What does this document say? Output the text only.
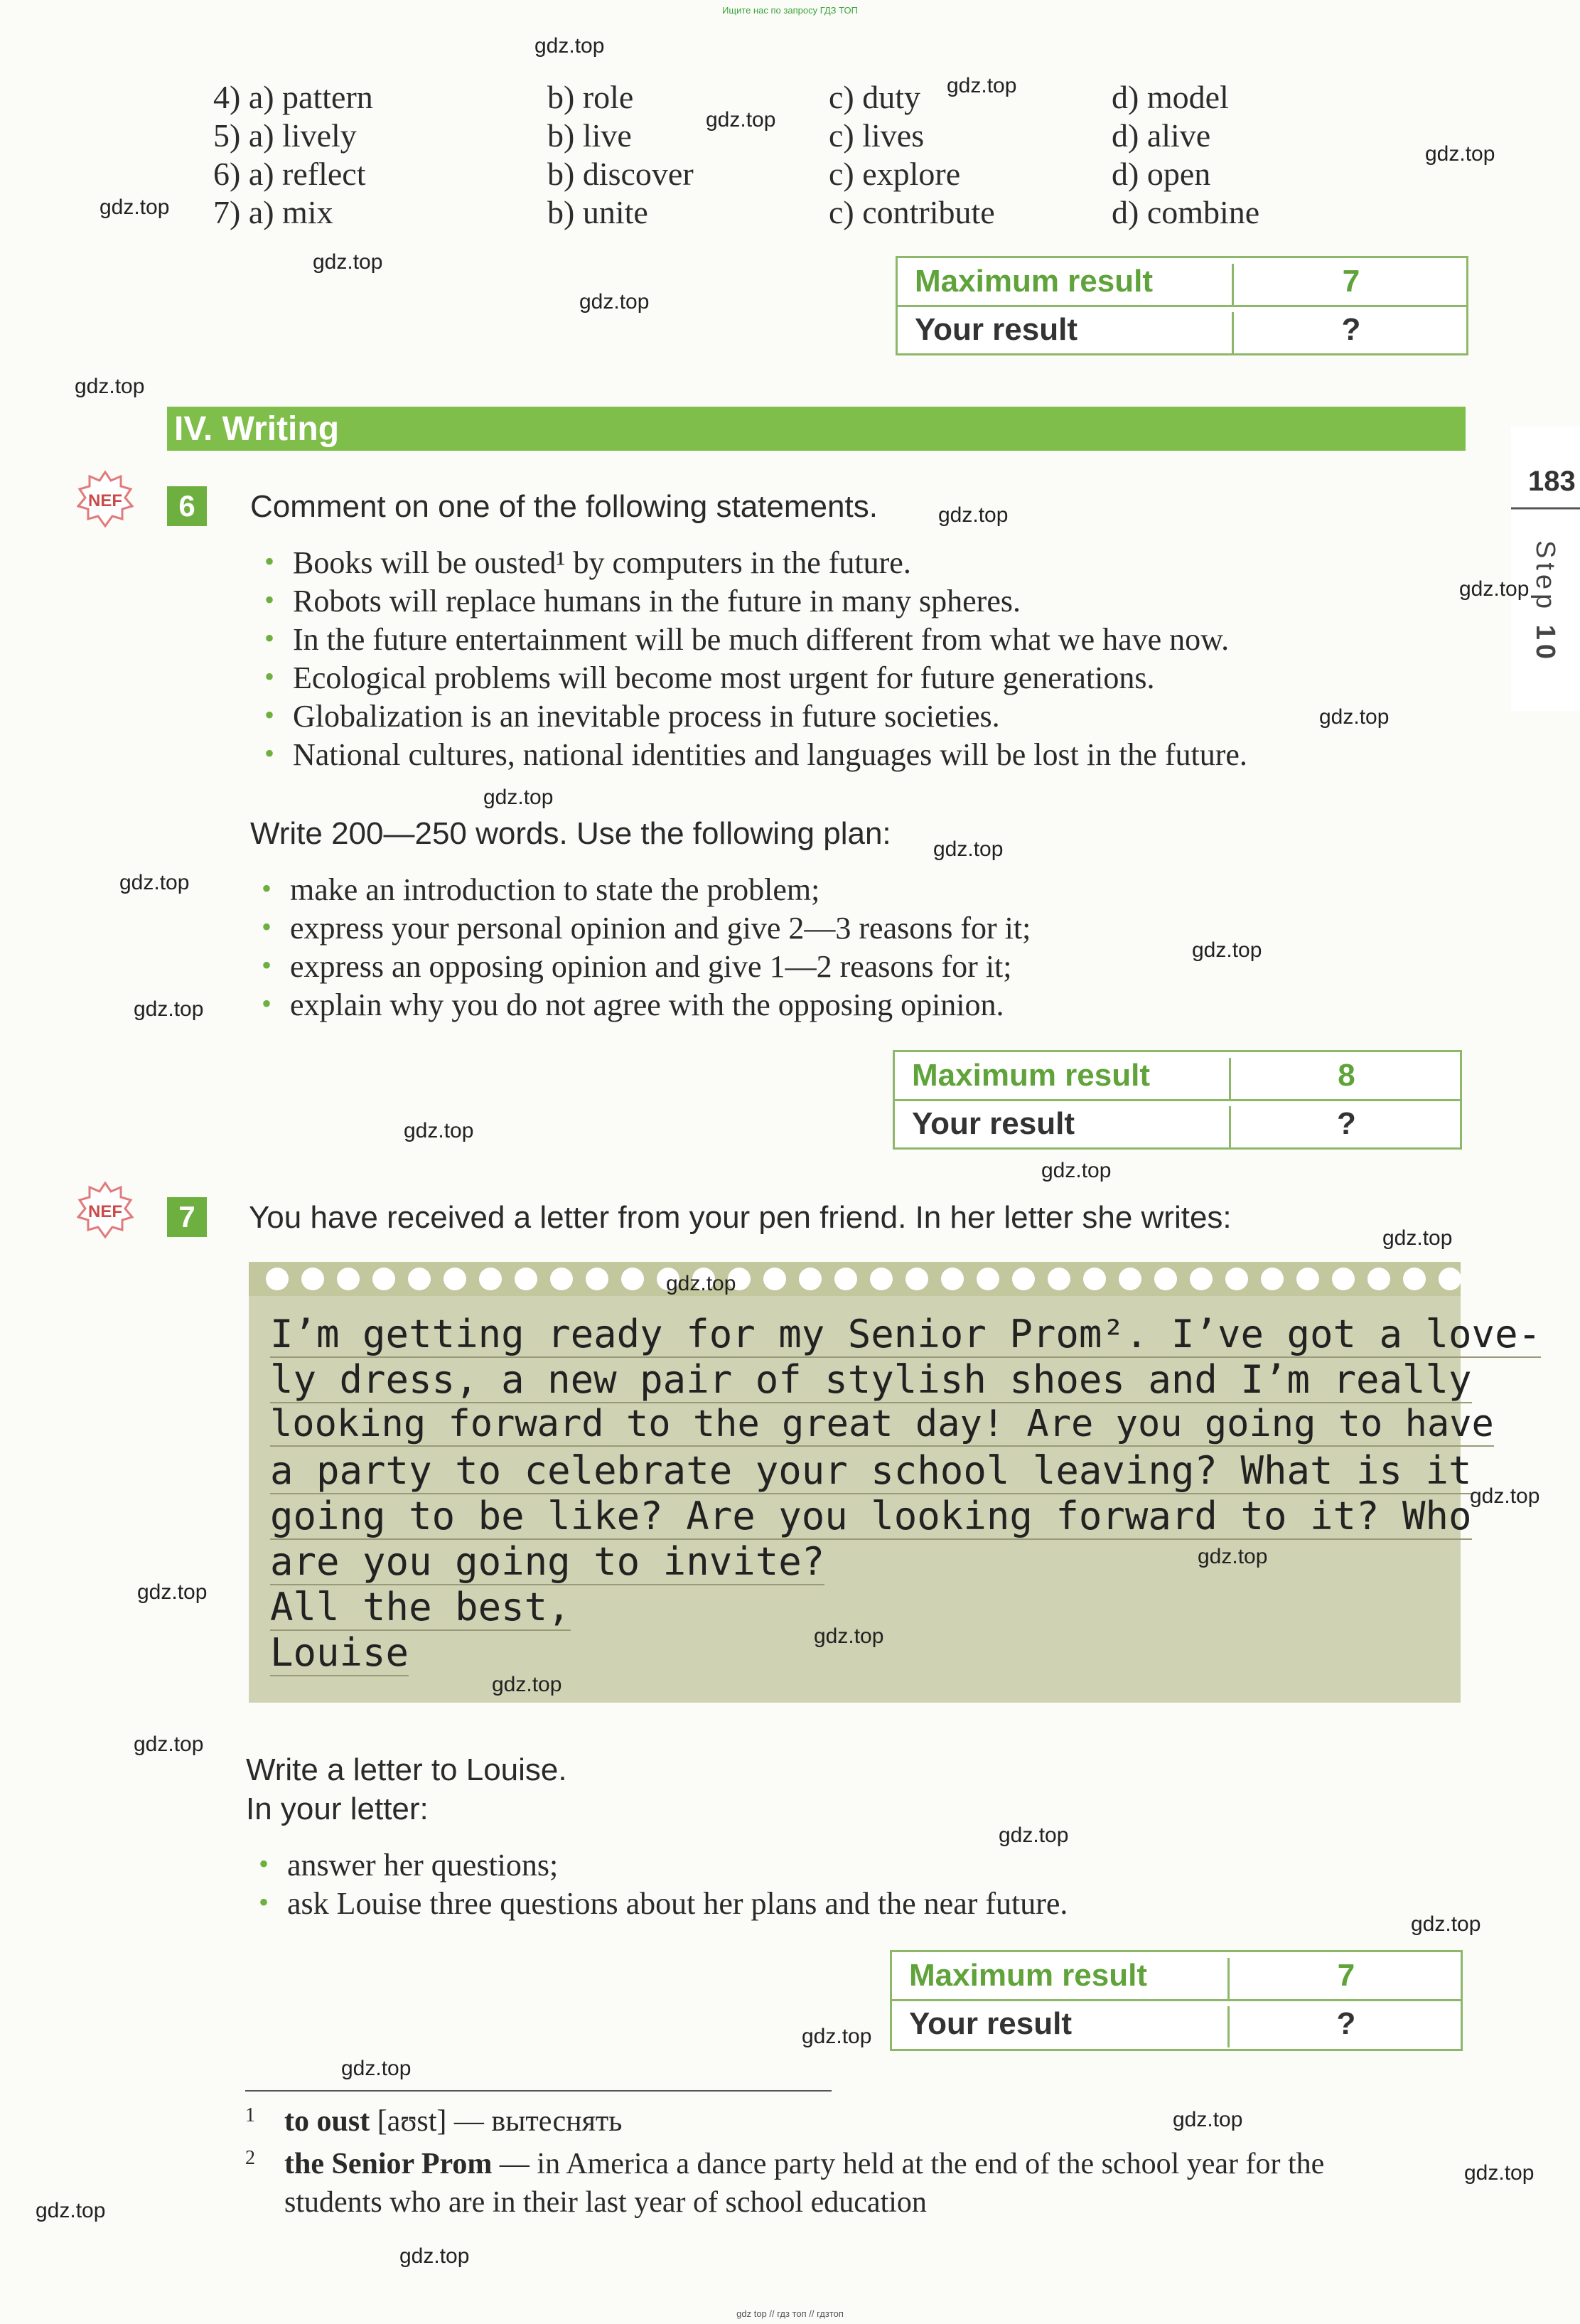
Ищите нас по запросу ГДЗ ТОП
183
Step 10
4) a) pattern	b) role	c) duty	d) model
5) a) lively	b) live	c) lives	d) alive
6) a) reflect	b) discover	c) explore	d) open
7) a) mix	b) unite	c) contribute	d) combine
Maximum result	7
Your result	?
IV. Writing
NEF	6	Comment on one of the following statements.
• Books will be ousted¹ by computers in the future.
• Robots will replace humans in the future in many spheres.
• In the future entertainment will be much different from what we have now.
• Ecological problems will become most urgent for future generations.
• Globalization is an inevitable process in future societies.
• National cultures, national identities and languages will be lost in the future.
Write 200—250 words. Use the following plan:
• make an introduction to state the problem;
• express your personal opinion and give 2—3 reasons for it;
• express an opposing opinion and give 1—2 reasons for it;
• explain why you do not agree with the opposing opinion.
Maximum result	8
Your result	?
NEF	7	You have received a letter from your pen friend. In her letter she writes:
I’m getting ready for my Senior Prom². I’ve got a love-
ly dress, a new pair of stylish shoes and I’m really
looking forward to the great day! Are you going to have
a party to celebrate your school leaving? What is it
going to be like? Are you looking forward to it? Who
are you going to invite?
All the best,
Louise
Write a letter to Louise.
In your letter:
• answer her questions;
• ask Louise three questions about her plans and the near future.
Maximum result	7
Your result	?
1 to oust [aʊst] — вытеснять
2 the Senior Prom — in America a dance party held at the end of the school year for the
students who are in their last year of school education
gdz.top
gdz.top
gdz.top
gdz.top
gdz.top
gdz.top
gdz.top
gdz.top
gdz.top
gdz.top
gdz.top
gdz.top
gdz.top
gdz.top
gdz.top
gdz.top
gdz.top
gdz.top
gdz.top
gdz.top
gdz.top
gdz.top
gdz.top
gdz.top
gdz.top
gdz.top
gdz.top
gdz.top
gdz.top
gdz.top
gdz.top
gdz.top
gdz.top
gdz.top
gdz top // гдз топ // гдзтоп
